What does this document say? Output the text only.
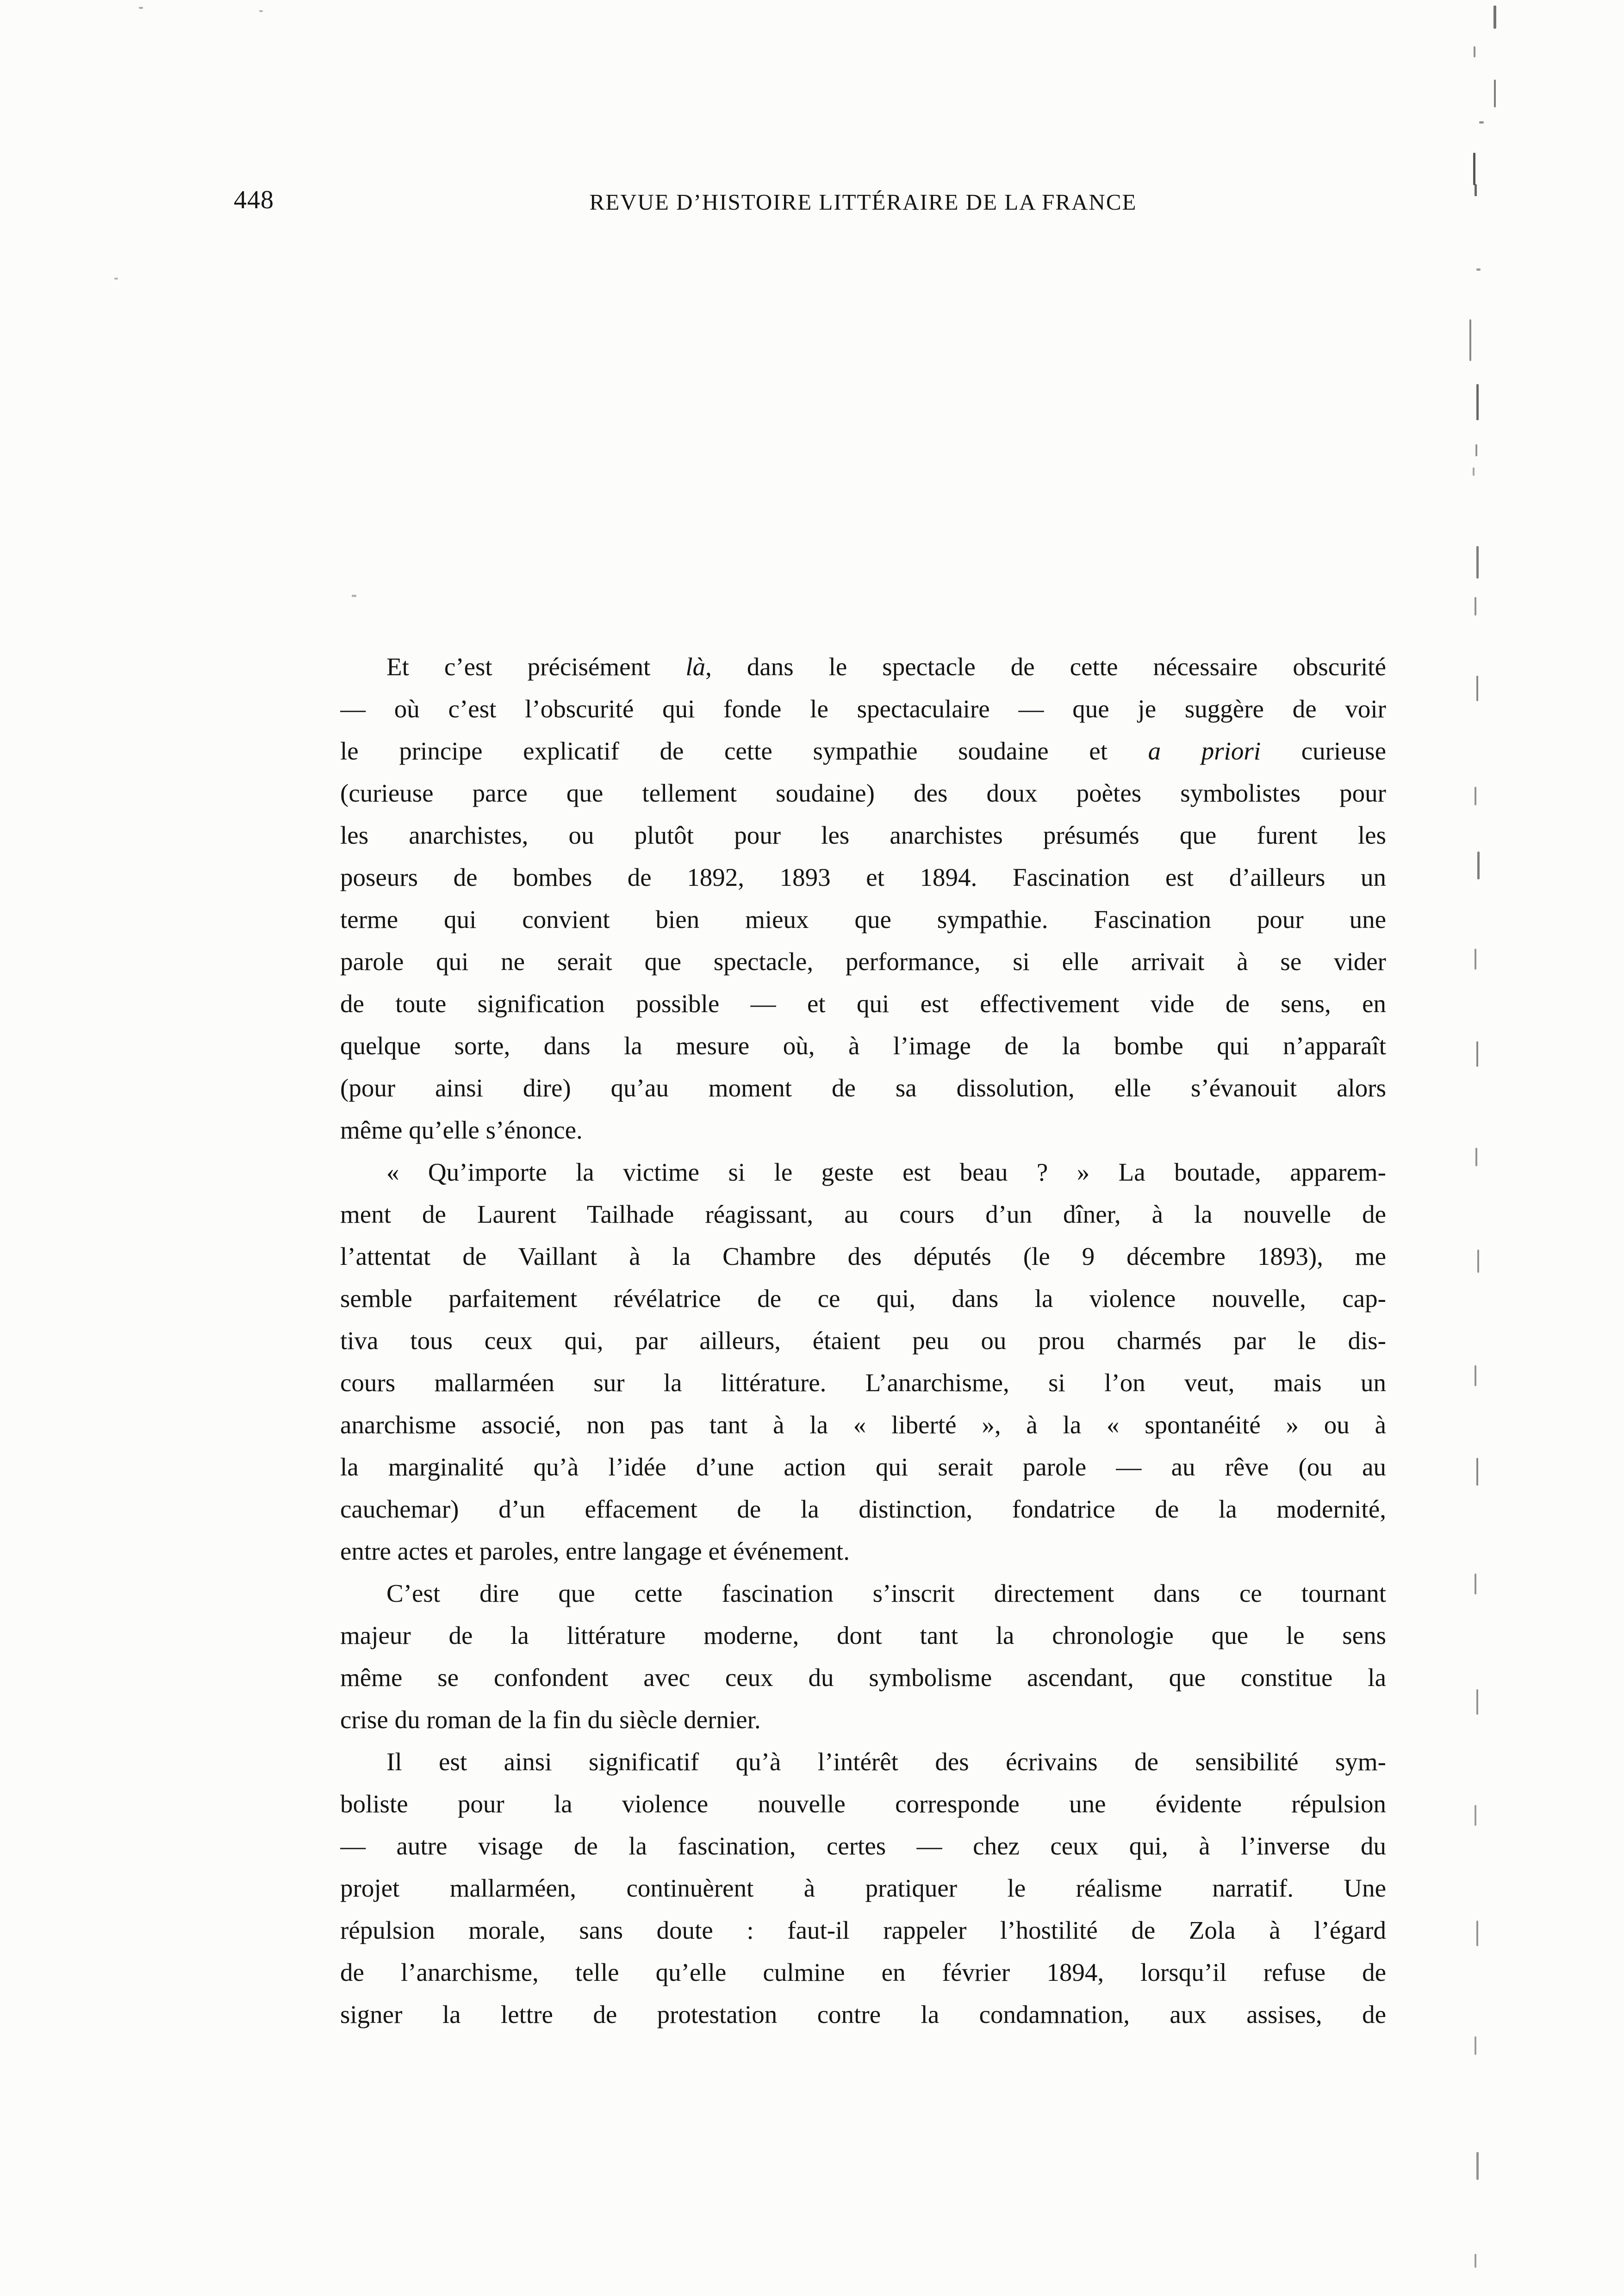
448	REVUE D’HISTOIRE LITTÉRAIRE DE LA FRANCE
Et c’est précisément là, dans le spectacle de cette nécessaire obscurité
— où c’est l’obscurité qui fonde le spectaculaire — que je suggère de voir
le principe explicatif de cette sympathie soudaine et a priori curieuse
(curieuse parce que tellement soudaine) des doux poètes symbolistes pour
les anarchistes, ou plutôt pour les anarchistes présumés que furent les
poseurs de bombes de 1892, 1893 et 1894. Fascination est d’ailleurs un
terme qui convient bien mieux que sympathie. Fascination pour une
parole qui ne serait que spectacle, performance, si elle arrivait à se vider
de toute signification possible — et qui est effectivement vide de sens, en
quelque sorte, dans la mesure où, à l’image de la bombe qui n’apparaît
(pour ainsi dire) qu’au moment de sa dissolution, elle s’évanouit alors
même qu’elle s’énonce.
« Qu’importe la victime si le geste est beau ? » La boutade, apparem-
ment de Laurent Tailhade réagissant, au cours d’un dîner, à la nouvelle de
l’attentat de Vaillant à la Chambre des députés (le 9 décembre 1893), me
semble parfaitement révélatrice de ce qui, dans la violence nouvelle, cap-
tiva tous ceux qui, par ailleurs, étaient peu ou prou charmés par le dis-
cours mallarméen sur la littérature. L’anarchisme, si l’on veut, mais un
anarchisme associé, non pas tant à la « liberté », à la « spontanéité » ou à
la marginalité qu’à l’idée d’une action qui serait parole — au rêve (ou au
cauchemar) d’un effacement de la distinction, fondatrice de la modernité,
entre actes et paroles, entre langage et événement.
C’est dire que cette fascination s’inscrit directement dans ce tournant
majeur de la littérature moderne, dont tant la chronologie que le sens
même se confondent avec ceux du symbolisme ascendant, que constitue la
crise du roman de la fin du siècle dernier.
Il est ainsi significatif qu’à l’intérêt des écrivains de sensibilité sym-
boliste pour la violence nouvelle corresponde une évidente répulsion
— autre visage de la fascination, certes — chez ceux qui, à l’inverse du
projet mallarméen, continuèrent à pratiquer le réalisme narratif. Une
répulsion morale, sans doute : faut-il rappeler l’hostilité de Zola à l’égard
de l’anarchisme, telle qu’elle culmine en février 1894, lorsqu’il refuse de
signer la lettre de protestation contre la condamnation, aux assises, de
